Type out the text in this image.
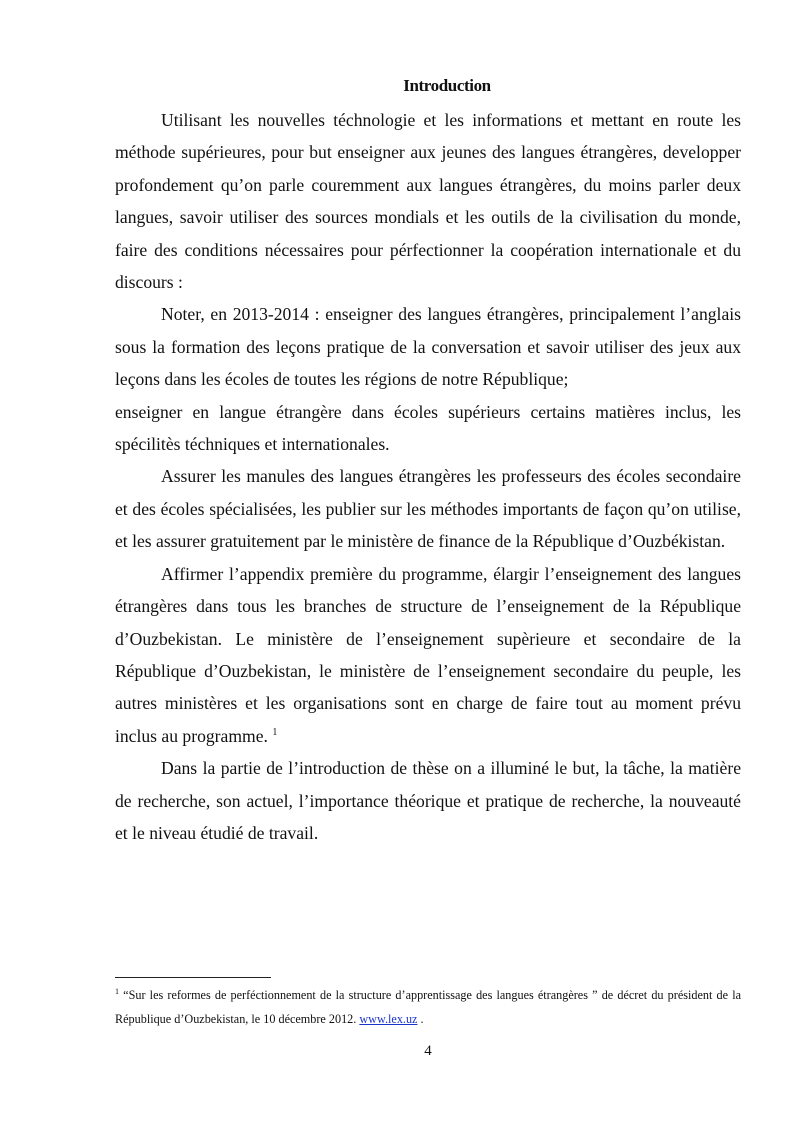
Introduction

Utilisant les nouvelles téchnologie et les informations et mettant en route les méthode supérieures, pour but enseigner aux jeunes des langues étrangères, developper profondement qu’on parle couremment aux langues étrangères, du moins parler deux langues, savoir utiliser des sources mondials et les outils de la civilisation du monde, faire des conditions nécessaires pour pérfectionner la coopération internationale et du discours :

Noter, en 2013-2014 : enseigner des langues étrangères, principalement l’anglais sous la formation des leçons pratique de la conversation et savoir utiliser des jeux aux leçons dans les écoles de toutes les régions de notre République;

enseigner en langue étrangère dans écoles supérieurs certains matières inclus, les spécilitès téchniques et internationales.

Assurer les manules des langues étrangères les professeurs des écoles secondaire et des écoles spécialisées, les publier sur les méthodes importants de façon qu’on utilise, et les assurer gratuitement par le ministère de finance de la République d’Ouzbékistan.

Affirmer l’appendix première du programme, élargir l’enseignement des langues étrangères dans tous les branches de structure de l’enseignement de la République d’Ouzbekistan. Le ministère de l’enseignement supèrieure et secondaire de la République d’Ouzbekistan, le ministère de l’enseignement secondaire du peuple, les autres ministères et les organisations sont en charge de faire tout au moment prévu inclus au programme. $^1$

Dans la partie de l’introduction de thèse on a illuminé le but, la tâche, la matière de recherche, son actuel, l’importance théorique et pratique de recherche, la nouveauté et le niveau étudié de travail.

$^1$ “Sur les reformes de perféctionnement de la structure d’apprentissage des langues étrangères ” de décret du président de la République d’Ouzbekistan, le 10 décembre 2012. www.lex.uz .
4
